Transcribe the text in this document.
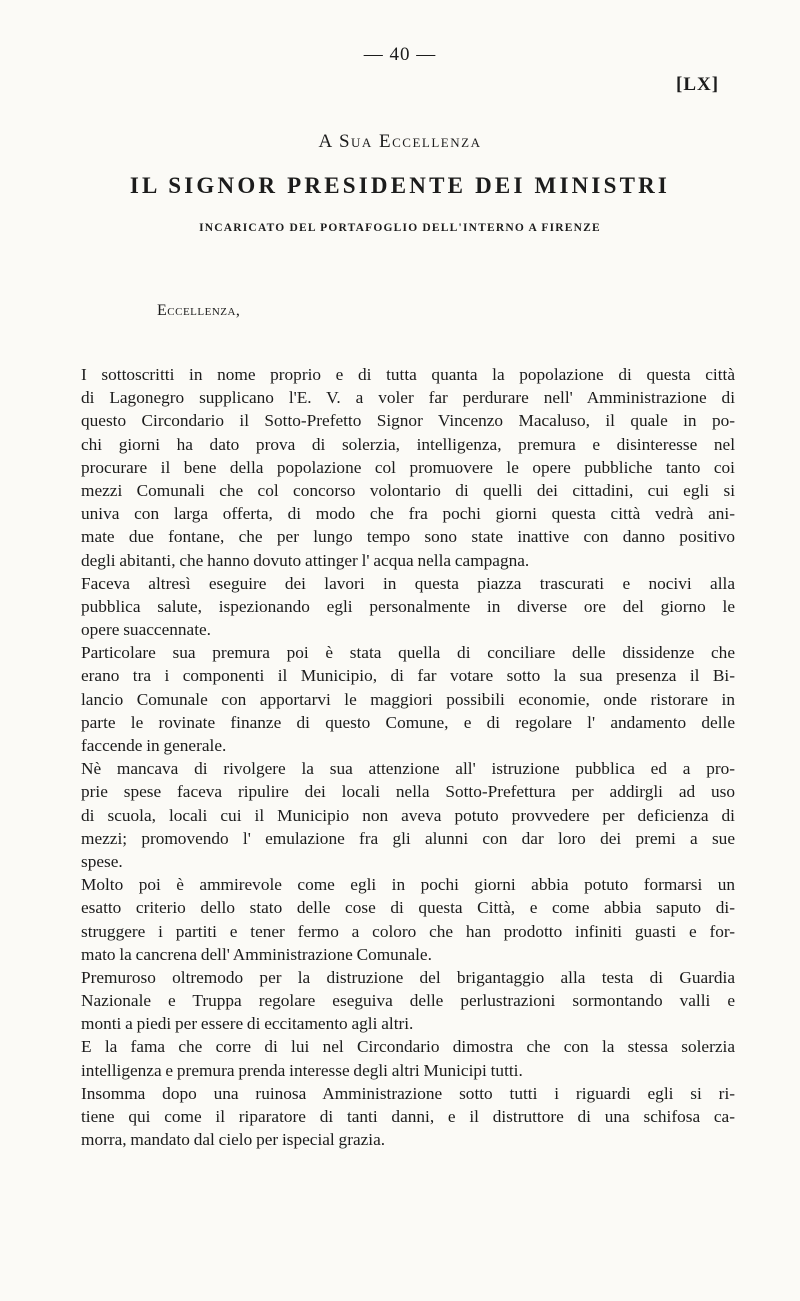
— 40 —
[LX]
A Sua Eccellenza
IL SIGNOR PRESIDENTE DEI MINISTRI
INCARICATO DEL PORTAFOGLIO DELL'INTERNO A FIRENZE
Eccellenza,
I sottoscritti in nome proprio e di tutta quanta la popolazione di questa città
di Lagonegro supplicano l'E. V. a voler far perdurare nell' Amministrazione di
questo Circondario il Sotto-Prefetto Signor Vincenzo Macaluso, il quale in po-
chi giorni ha dato prova di solerzia, intelligenza, premura e disinteresse nel
procurare il bene della popolazione col promuovere le opere pubbliche tanto coi
mezzi Comunali che col concorso volontario di quelli dei cittadini, cui egli si
univa con larga offerta, di modo che fra pochi giorni questa città vedrà ani-
mate due fontane, che per lungo tempo sono state inattive con danno positivo
degli abitanti, che hanno dovuto attinger l' acqua nella campagna.
Faceva altresì eseguire dei lavori in questa piazza trascurati e nocivi alla
pubblica salute, ispezionando egli personalmente in diverse ore del giorno le
opere suaccennate.
Particolare sua premura poi è stata quella di conciliare delle dissidenze che
erano tra i componenti il Municipio, di far votare sotto la sua presenza il Bi-
lancio Comunale con apportarvi le maggiori possibili economie, onde ristorare in
parte le rovinate finanze di questo Comune, e di regolare l' andamento delle
faccende in generale.
Nè mancava di rivolgere la sua attenzione all' istruzione pubblica ed a pro-
prie spese faceva ripulire dei locali nella Sotto-Prefettura per addirgli ad uso
di scuola, locali cui il Municipio non aveva potuto provvedere per deficienza di
mezzi; promovendo l' emulazione fra gli alunni con dar loro dei premi a sue
spese.
Molto poi è ammirevole come egli in pochi giorni abbia potuto formarsi un
esatto criterio dello stato delle cose di questa Città, e come abbia saputo di-
struggere i partiti e tener fermo a coloro che han prodotto infiniti guasti e for-
mato la cancrena dell' Amministrazione Comunale.
Premuroso oltremodo per la distruzione del brigantaggio alla testa di Guardia
Nazionale e Truppa regolare eseguiva delle perlustrazioni sormontando valli e
monti a piedi per essere di eccitamento agli altri.
E la fama che corre di lui nel Circondario dimostra che con la stessa solerzia
intelligenza e premura prenda interesse degli altri Municipi tutti.
Insomma dopo una ruinosa Amministrazione sotto tutti i riguardi egli si ri-
tiene qui come il riparatore di tanti danni, e il distruttore di una schifosa ca-
morra, mandato dal cielo per ispecial grazia.
